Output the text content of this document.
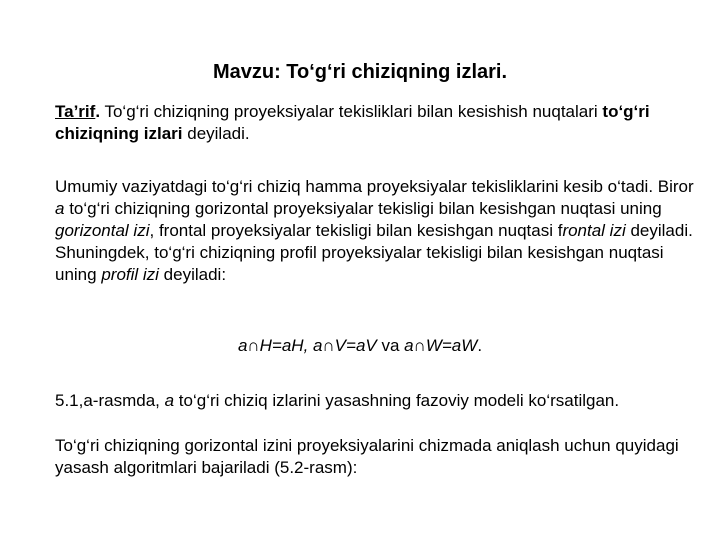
Mavzu: To‘g‘ri chiziqning izlari.
Ta’rif. To‘g‘ri chiziqning proyeksiyalar tekisliklari bilan kesishish nuqtalari to‘g‘ri chiziqning izlari deyiladi.
Umumiy vaziyatdagi to‘g‘ri chiziq hamma proyeksiyalar tekisliklarini kesib o‘tadi. Biror a to‘g‘ri chiziqning gorizontal proyeksiyalar tekisligi bilan kesishgan nuqtasi uning gorizontal izi, frontal proyeksiyalar tekisligi bilan kesishgan nuqtasi frontal izi deyiladi. Shuningdek, to‘g‘ri chiziqning profil proyeksiyalar tekisligi bilan kesishgan nuqtasi uning profil izi deyiladi:
a∩H=aH, a∩V=aV va a∩W=aW.
5.1,a-rasmda, a to‘g‘ri chiziq izlarini yasashning fazoviy modeli ko‘rsatilgan.
To‘g‘ri chiziqning gorizontal izini proyeksiyalarini chizmada aniqlash uchun quyidagi yasash algoritmlari bajariladi (5.2-rasm):
